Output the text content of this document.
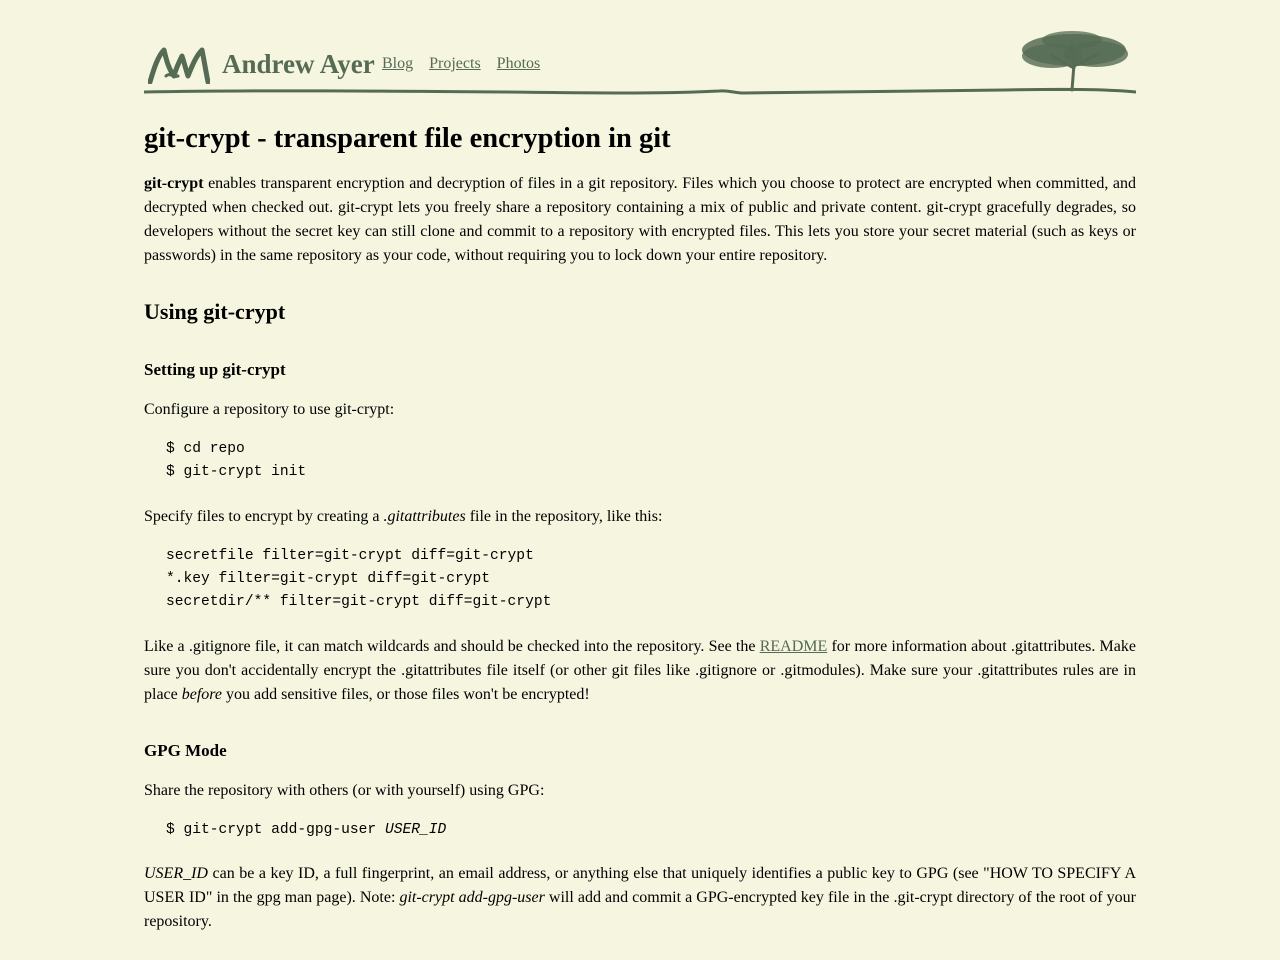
Andrew Ayer Blog Projects Photos
git-crypt - transparent file encryption in git

git-crypt enables transparent encryption and decryption of files in a git repository. Files which you choose to protect are encrypted when committed, and decrypted when checked out. git-crypt lets you freely share a repository containing a mix of public and private content. git-crypt gracefully degrades, so developers without the secret key can still clone and commit to a repository with encrypted files. This lets you store your secret material (such as keys or passwords) in the same repository as your code, without requiring you to lock down your entire repository.

Using git-crypt
Setting up git-crypt

Configure a repository to use git-crypt:

$ cd repo
$ git-crypt init

Specify files to encrypt by creating a .gitattributes file in the repository, like this:

secretfile filter=git-crypt diff=git-crypt
*.key filter=git-crypt diff=git-crypt
secretdir/** filter=git-crypt diff=git-crypt

Like a .gitignore file, it can match wildcards and should be checked into the repository. See the README for more information about .gitattributes. Make sure you don't accidentally encrypt the .gitattributes file itself (or other git files like .gitignore or .gitmodules). Make sure your .gitattributes rules are in place before you add sensitive files, or those files won't be encrypted!

GPG Mode

Share the repository with others (or with yourself) using GPG:

$ git-crypt add-gpg-user USER_ID

USER_ID can be a key ID, a full fingerprint, an email address, or anything else that uniquely identifies a public key to GPG (see "HOW TO SPECIFY A USER ID" in the gpg man page). Note: git-crypt add-gpg-user will add and commit a GPG-encrypted key file in the .git-crypt directory of the root of your repository.
